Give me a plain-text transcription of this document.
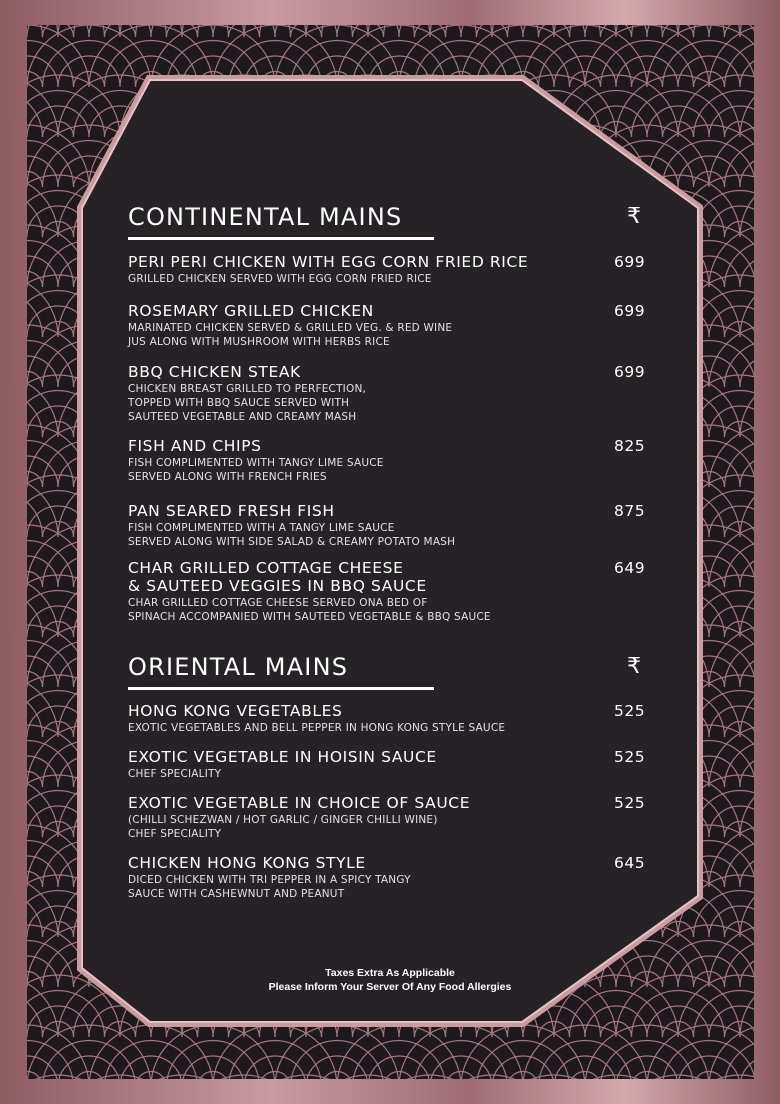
CONTINENTAL MAINS	₹
PERI PERI CHICKEN WITH EGG CORN FRIED RICE
GRILLED CHICKEN SERVED WITH EGG CORN FRIED RICE
699
ROSEMARY GRILLED CHICKEN
MARINATED CHICKEN SERVED & GRILLED VEG. & RED WINE
JUS ALONG WITH MUSHROOM WITH HERBS RICE
699
BBQ CHICKEN STEAK
CHICKEN BREAST GRILLED TO PERFECTION,
TOPPED WITH BBQ SAUCE SERVED WITH
SAUTEED VEGETABLE AND CREAMY MASH
699
FISH AND CHIPS
FISH COMPLIMENTED WITH TANGY LIME SAUCE
SERVED ALONG WITH FRENCH FRIES
825
PAN SEARED FRESH FISH
FISH COMPLIMENTED WITH A TANGY LIME SAUCE
SERVED ALONG WITH SIDE SALAD & CREAMY POTATO MASH
875
CHAR GRILLED COTTAGE CHEESE
& SAUTEED VEGGIES IN BBQ SAUCE
CHAR GRILLED COTTAGE CHEESE SERVED ONA BED OF
SPINACH ACCOMPANIED WITH SAUTEED VEGETABLE & BBQ SAUCE
649
ORIENTAL MAINS	₹
HONG KONG VEGETABLES
EXOTIC VEGETABLES AND BELL PEPPER IN HONG KONG STYLE SAUCE
525
EXOTIC VEGETABLE IN HOISIN SAUCE
CHEF SPECIALITY
525
EXOTIC VEGETABLE IN CHOICE OF SAUCE
(CHILLI SCHEZWAN / HOT GARLIC / GINGER CHILLI WINE)
CHEF SPECIALITY
525
CHICKEN HONG KONG STYLE
DICED CHICKEN WITH TRI PEPPER IN A SPICY TANGY
SAUCE WITH CASHEWNUT AND PEANUT
645
Taxes Extra As Applicable
Please Inform Your Server Of Any Food Allergies
